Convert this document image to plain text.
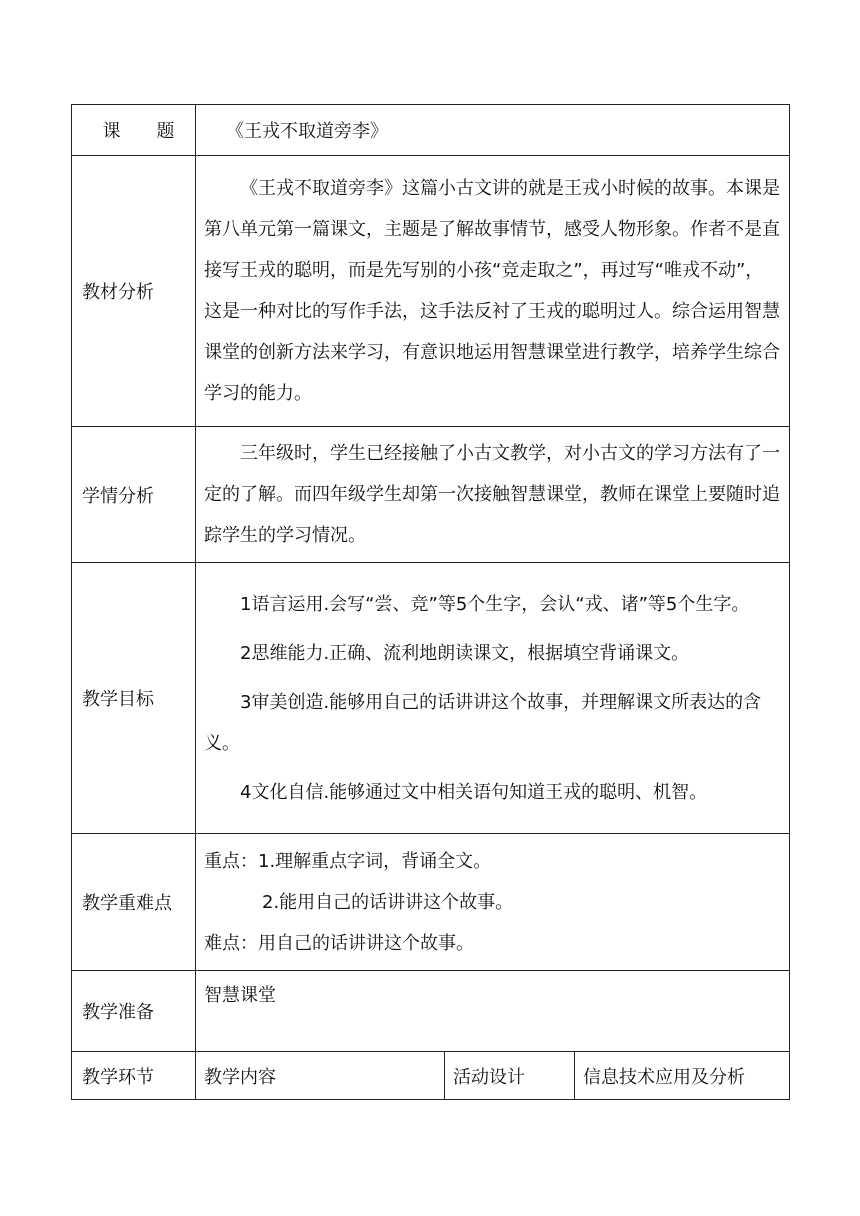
课　　题	《王戎不取道旁李》		
教材分析	《王戎不取道旁李》这篇小古文讲的就是王戎小时候的故事。本课是第八单元第一篇课文，主题是了解故事情节，感受人物形象。作者不是直接写王戎的聪明，而是先写别的小孩“竞走取之”，再过写“唯戎不动”，这是一种对比的写作手法，这手法反衬了王戎的聪明过人。综合运用智慧课堂的创新方法来学习，有意识地运用智慧课堂进行教学，培养学生综合学习的能力。		

学情分析	三年级时，学生已经接触了小古文教学，对小古文的学习方法有了一定的了解。而四年级学生却第一次接触智慧课堂，教师在课堂上要随时追踪学生的学习情况。		

教学目标	1语言运用.会写“尝、竞”等5个生字，会认“戎、诸”等5个生字。

2思维能力.正确、流利地朗读课文，根据填空背诵课文。

3审美创造.能够用自己的话讲讲这个故事，并理解课文所表达的含义。

4文化自信.能够通过文中相关语句知道王戎的聪明、机智。		

教学重难点	重点：1.理解重点字词，背诵全文。

2.能用自己的话讲讲这个故事。

难点：用自己的话讲讲这个故事。		

教学准备	智慧课堂		
教学环节	教学内容	活动设计	信息技术应用及分析
